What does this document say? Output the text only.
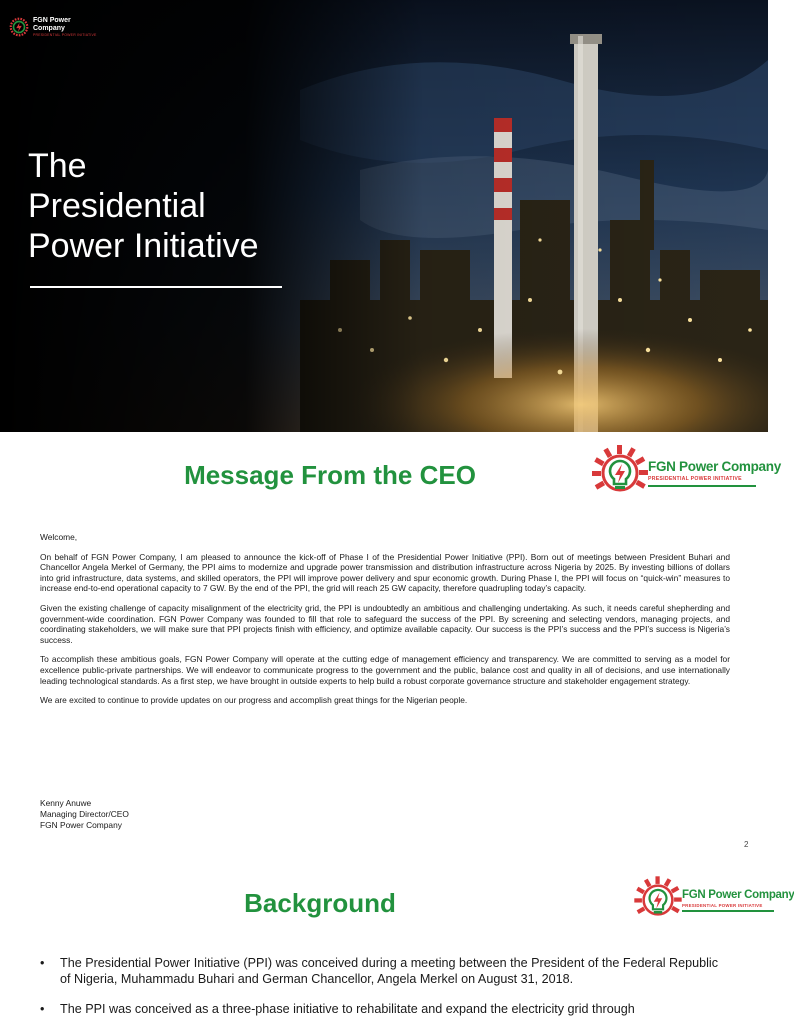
FGN Power Company
PRESIDENTIAL POWER INITIATIVE
The
Presidential
Power Initiative
Message From the CEO	FGN Power Company
PRESIDENTIAL POWER INITIATIVE

Welcome,

On behalf of FGN Power Company, I am pleased to announce the kick-off of Phase I of the Presidential Power Initiative (PPI). Born out of meetings between President Buhari and Chancellor Angela Merkel of Germany, the PPI aims to modernize and upgrade power transmission and distribution infrastructure across Nigeria by 2025. By investing billions of dollars into grid infrastructure, data systems, and skilled operators, the PPI will improve power delivery and spur economic growth. During Phase I, the PPI will focus on “quick-win” measures to increase end-to-end operational capacity to 7 GW. By the end of the PPI, the grid will reach 25 GW capacity, therefore quadrupling today’s capacity.

Given the existing challenge of capacity misalignment of the electricity grid, the PPI is undoubtedly an ambitious and challenging undertaking. As such, it needs careful shepherding and government-wide coordination. FGN Power Company was founded to fill that role to safeguard the success of the PPI. By screening and selecting vendors, managing projects, and coordinating stakeholders, we will make sure that PPI projects finish with efficiency, and optimize available capacity. Our success is the PPI’s success and the PPI’s success is Nigeria’s success.

To accomplish these ambitious goals, FGN Power Company will operate at the cutting edge of management efficiency and transparency. We are committed to serving as a model for excellence public-private partnerships. We will endeavor to communicate progress to the government and the public, balance cost and quality in all of decisions, and use internationally leading technological standards. As a first step, we have brought in outside experts to help build a robust corporate governance structure and stakeholder engagement strategy.

We are excited to continue to provide updates on our progress and accomplish great things for the Nigerian people.

Kenny Anuwe
Managing Director/CEO
FGN Power Company
2
Background	FGN Power Company
PRESIDENTIAL POWER INITIATIVE
• The Presidential Power Initiative (PPI) was conceived during a meeting between the President of the Federal Republic of Nigeria, Muhammadu Buhari and German Chancellor, Angela Merkel on August 31, 2018.
• The PPI was conceived as a three-phase initiative to rehabilitate and expand the electricity grid through
